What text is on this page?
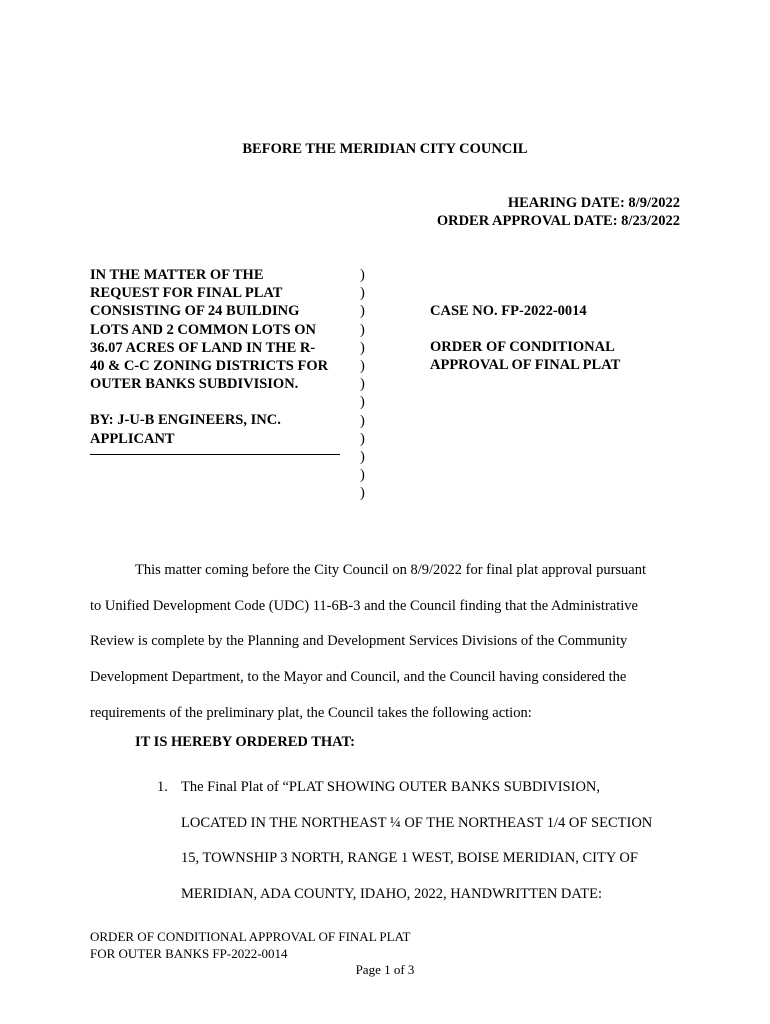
BEFORE THE MERIDIAN CITY COUNCIL
HEARING DATE: 8/9/2022
ORDER APPROVAL DATE: 8/23/2022
IN THE MATTER OF THE
REQUEST FOR FINAL PLAT
CONSISTING OF 24 BUILDING
LOTS AND 2 COMMON LOTS ON
36.07 ACRES OF LAND IN THE R-
40 & C-C ZONING DISTRICTS FOR
OUTER BANKS SUBDIVISION.
BY: J-U-B ENGINEERS, INC.
APPLICANT
)
)
)
)
)
)
)
)
)
)
)
)
)
CASE NO. FP-2022-0014
ORDER OF CONDITIONAL
APPROVAL OF FINAL PLAT
This matter coming before the City Council on 8/9/2022 for final plat approval pursuant
to Unified Development Code (UDC) 11-6B-3 and the Council finding that the Administrative
Review is complete by the Planning and Development Services Divisions of the Community
Development Department, to the Mayor and Council, and the Council having considered the
requirements of the preliminary plat, the Council takes the following action:
IT IS HEREBY ORDERED THAT:
1. The Final Plat of “PLAT SHOWING OUTER BANKS SUBDIVISION,
LOCATED IN THE NORTHEAST ¼ OF THE NORTHEAST 1/4 OF SECTION
15, TOWNSHIP 3 NORTH, RANGE 1 WEST, BOISE MERIDIAN, CITY OF
MERIDIAN, ADA COUNTY, IDAHO, 2022, HANDWRITTEN DATE:
ORDER OF CONDITIONAL APPROVAL OF FINAL PLAT
FOR OUTER BANKS FP-2022-0014
Page 1 of 3
